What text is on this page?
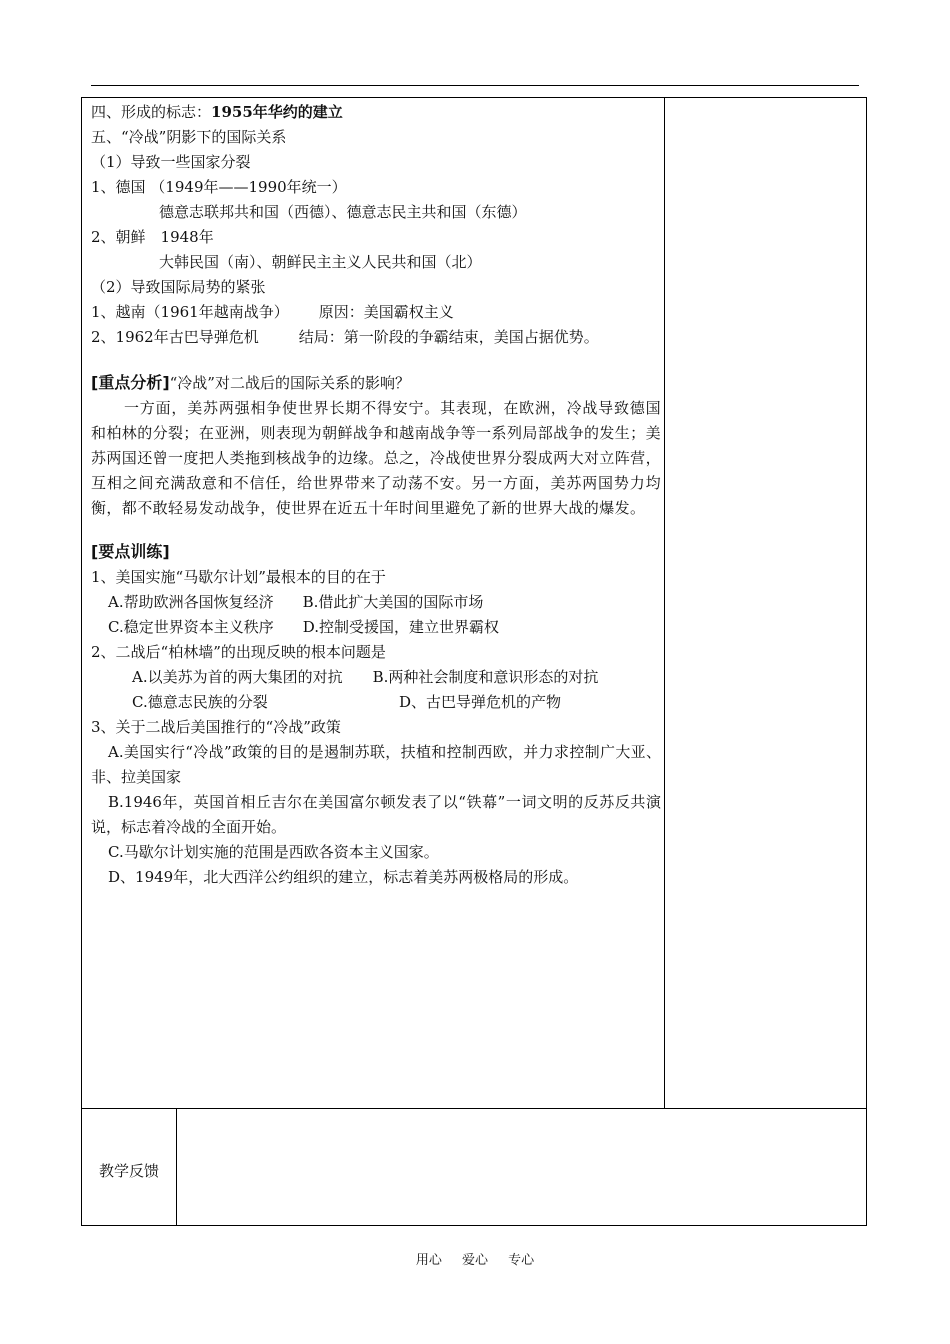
四、形成的标志：1955年华约的建立
五、“冷战”阴影下的国际关系
（1）导致一些国家分裂
1、德国 （1949年——1990年统一）
德意志联邦共和国（西德）、德意志民主共和国（东德）
2、朝鲜　1948年
大韩民国（南）、朝鲜民主主义人民共和国（北）
（2）导致国际局势的紧张
1、越南（1961年越南战争） 原因：美国霸权主义
2、1962年古巴导弹危机	结局：第一阶段的争霸结束，美国占据优势。
[重点分析]“冷战”对二战后的国际关系的影响？
一方面，美苏两强相争使世界长期不得安宁。其表现，在欧洲，冷战导致德国和柏林的分裂；在亚洲，则表现为朝鲜战争和越南战争等一系列局部战争的发生；美苏两国还曾一度把人类拖到核战争的边缘。总之，冷战使世界分裂成两大对立阵营，互相之间充满敌意和不信任，给世界带来了动荡不安。另一方面，美苏两国势力均衡，都不敢轻易发动战争，使世界在近五十年时间里避免了新的世界大战的爆发。
[要点训练]
1、美国实施“马歇尔计划”最根本的目的在于
A.帮助欧洲各国恢复经济 B.借此扩大美国的国际市场
C.稳定世界资本主义秩序 D.控制受援国，建立世界霸权
2、二战后“柏林墙”的出现反映的根本问题是
A.以美苏为首的两大集团的对抗 B.两种社会制度和意识形态的对抗
C.德意志民族的分裂	D、古巴导弹危机的产物
3、关于二战后美国推行的“冷战”政策
A.美国实行“冷战”政策的目的是遏制苏联，扶植和控制西欧，并力求控制广大亚、非、拉美国家
B.1946年，英国首相丘吉尔在美国富尔顿发表了以“铁幕”一词文明的反苏反共演说，标志着冷战的全面开始。
C.马歇尔计划实施的范围是西欧各资本主义国家。
D、1949年，北大西洋公约组织的建立，标志着美苏两极格局的形成。
教学反馈
用心 爱心 专心
